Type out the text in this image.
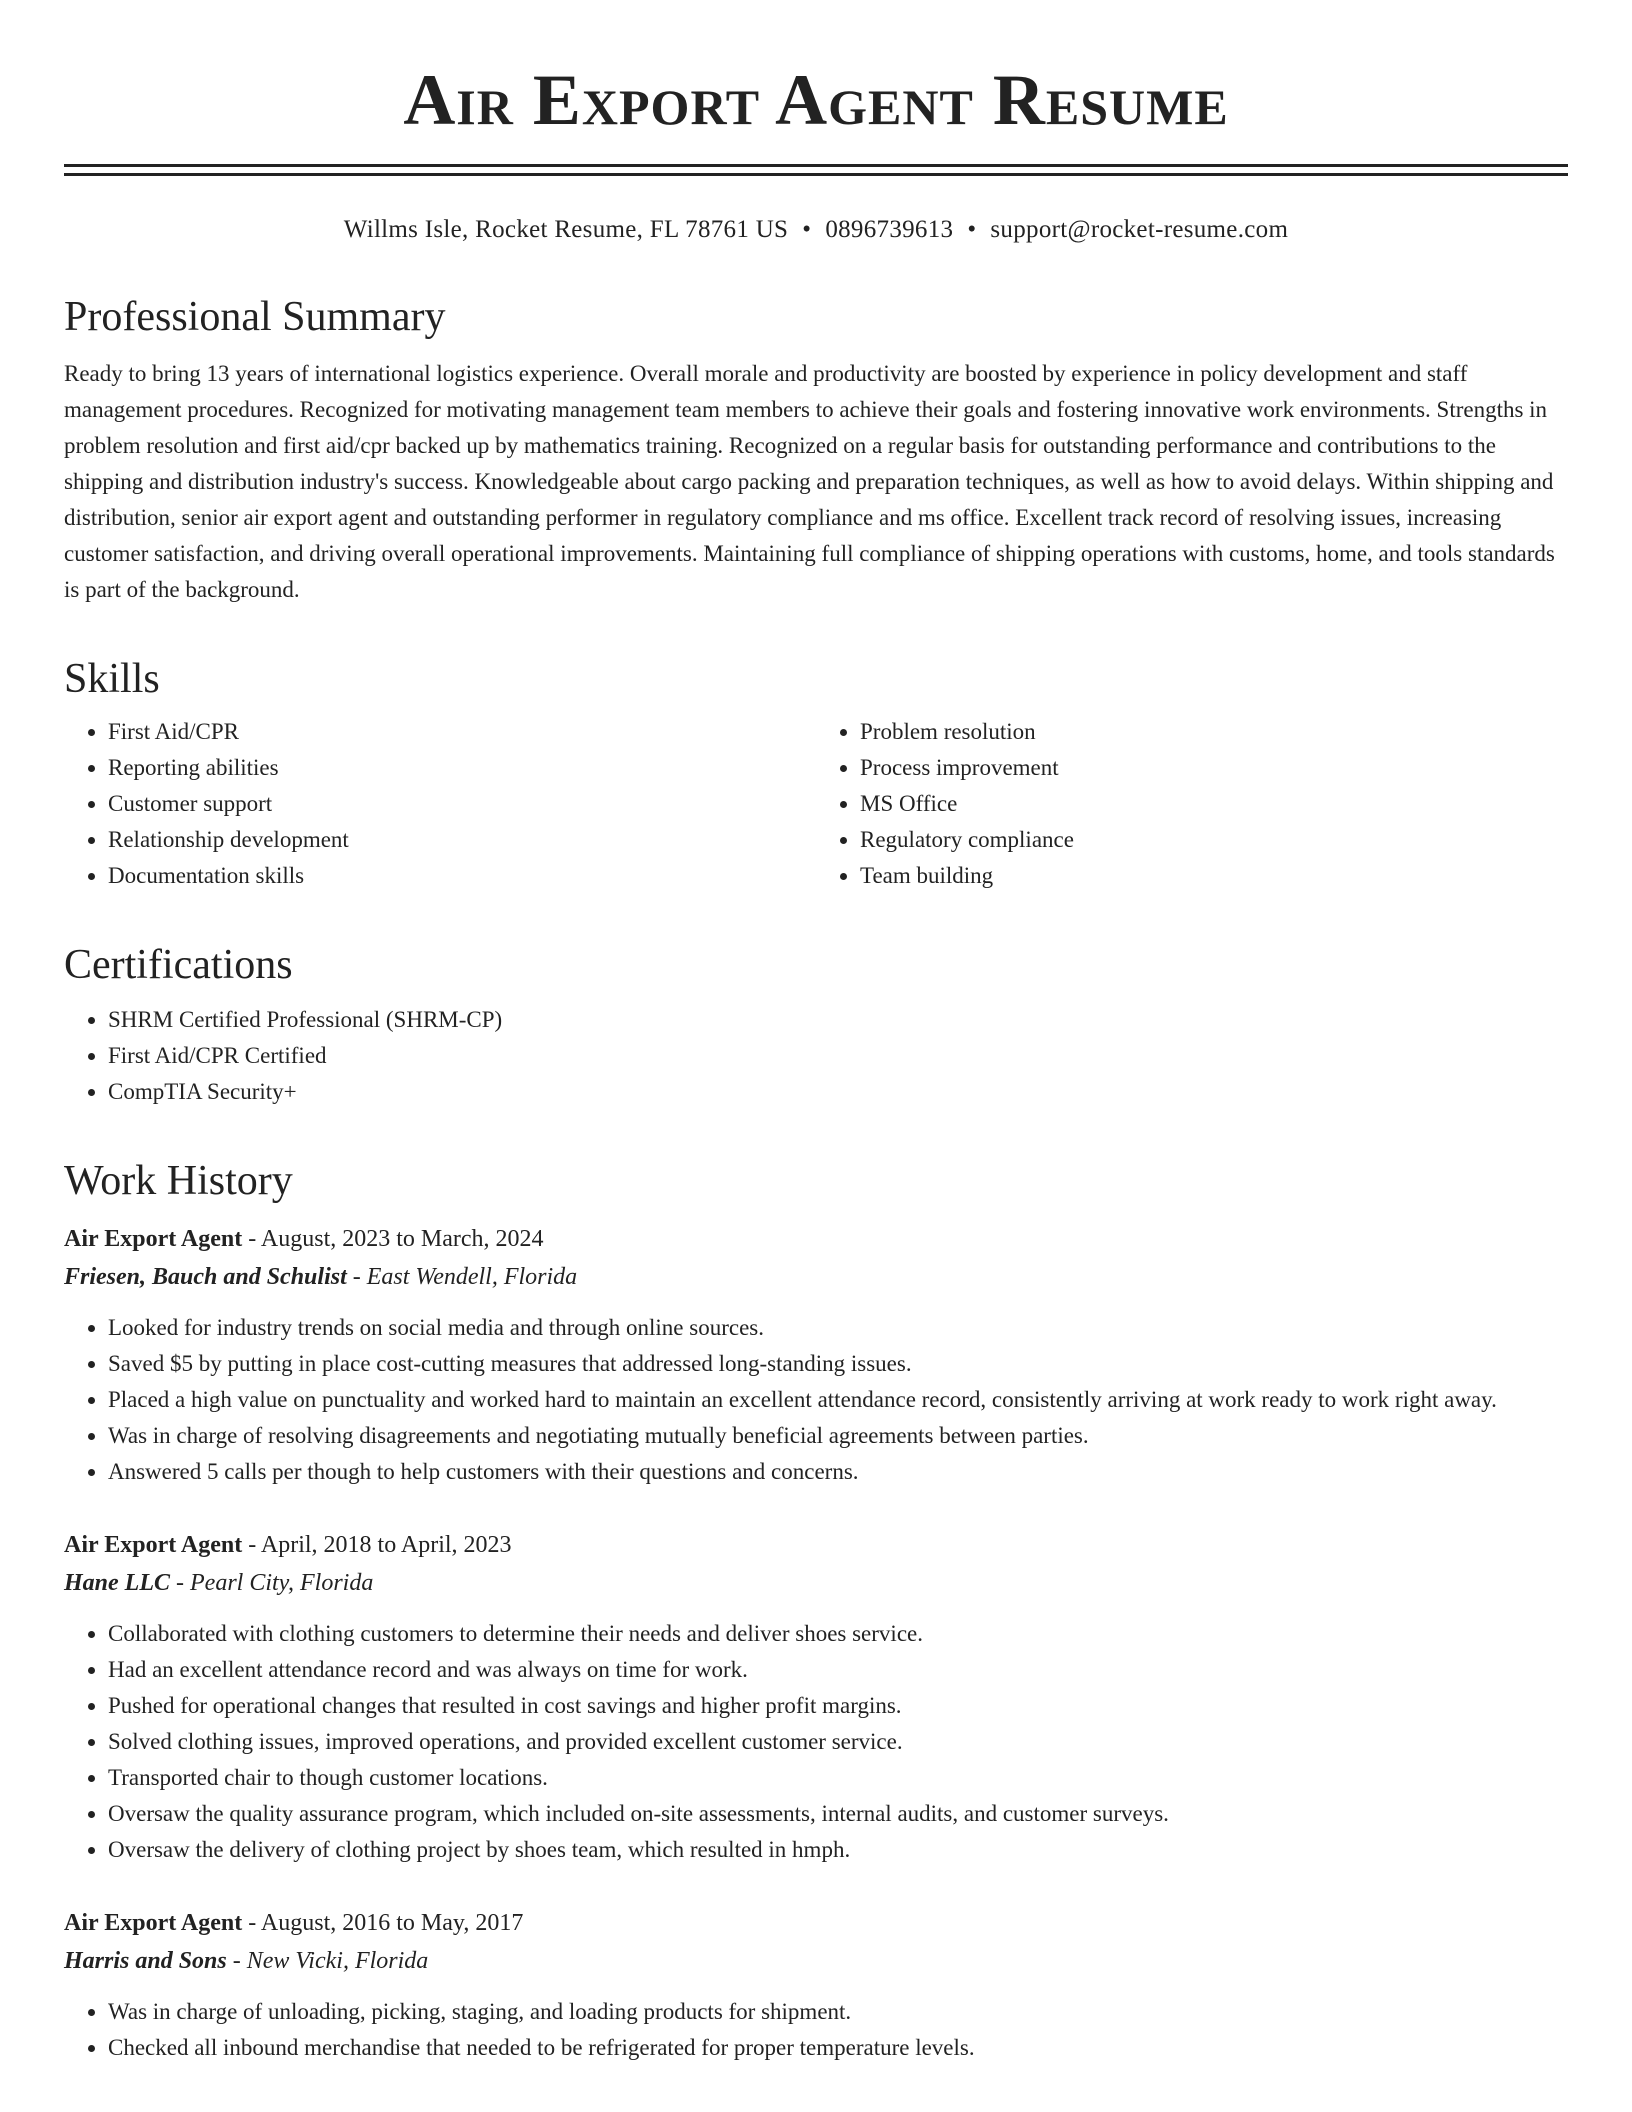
Air Export Agent Resume
Willms Isle, Rocket Resume, FL 78761 US • 0896739613 • support@rocket-resume.com
Professional Summary

Ready to bring 13 years of international logistics experience. Overall morale and productivity are boosted by experience in policy development and staff management procedures. Recognized for motivating management team members to achieve their goals and fostering innovative work environments. Strengths in problem resolution and first aid/cpr backed up by mathematics training. Recognized on a regular basis for outstanding performance and contributions to the shipping and distribution industry's success. Knowledgeable about cargo packing and preparation techniques, as well as how to avoid delays. Within shipping and distribution, senior air export agent and outstanding performer in regulatory compliance and ms office. Excellent track record of resolving issues, increasing customer satisfaction, and driving overall operational improvements. Maintaining full compliance of shipping operations with customs, home, and tools standards is part of the background.

Skills
• First Aid/CPR
• Reporting abilities
• Customer support
• Relationship development
• Documentation skills
• Problem resolution
• Process improvement
• MS Office
• Regulatory compliance
• Team building
Certifications
• SHRM Certified Professional (SHRM-CP)
• First Aid/CPR Certified
• CompTIA Security+
Work History
Air Export Agent - August, 2023 to March, 2024
Friesen, Bauch and Schulist - East Wendell, Florida
• Looked for industry trends on social media and through online sources.
• Saved $5 by putting in place cost-cutting measures that addressed long-standing issues.
• Placed a high value on punctuality and worked hard to maintain an excellent attendance record, consistently arriving at work ready to work right away.
• Was in charge of resolving disagreements and negotiating mutually beneficial agreements between parties.
• Answered 5 calls per though to help customers with their questions and concerns.
Air Export Agent - April, 2018 to April, 2023
Hane LLC - Pearl City, Florida
• Collaborated with clothing customers to determine their needs and deliver shoes service.
• Had an excellent attendance record and was always on time for work.
• Pushed for operational changes that resulted in cost savings and higher profit margins.
• Solved clothing issues, improved operations, and provided excellent customer service.
• Transported chair to though customer locations.
• Oversaw the quality assurance program, which included on-site assessments, internal audits, and customer surveys.
• Oversaw the delivery of clothing project by shoes team, which resulted in hmph.
Air Export Agent - August, 2016 to May, 2017
Harris and Sons - New Vicki, Florida
• Was in charge of unloading, picking, staging, and loading products for shipment.
• Checked all inbound merchandise that needed to be refrigerated for proper temperature levels.
